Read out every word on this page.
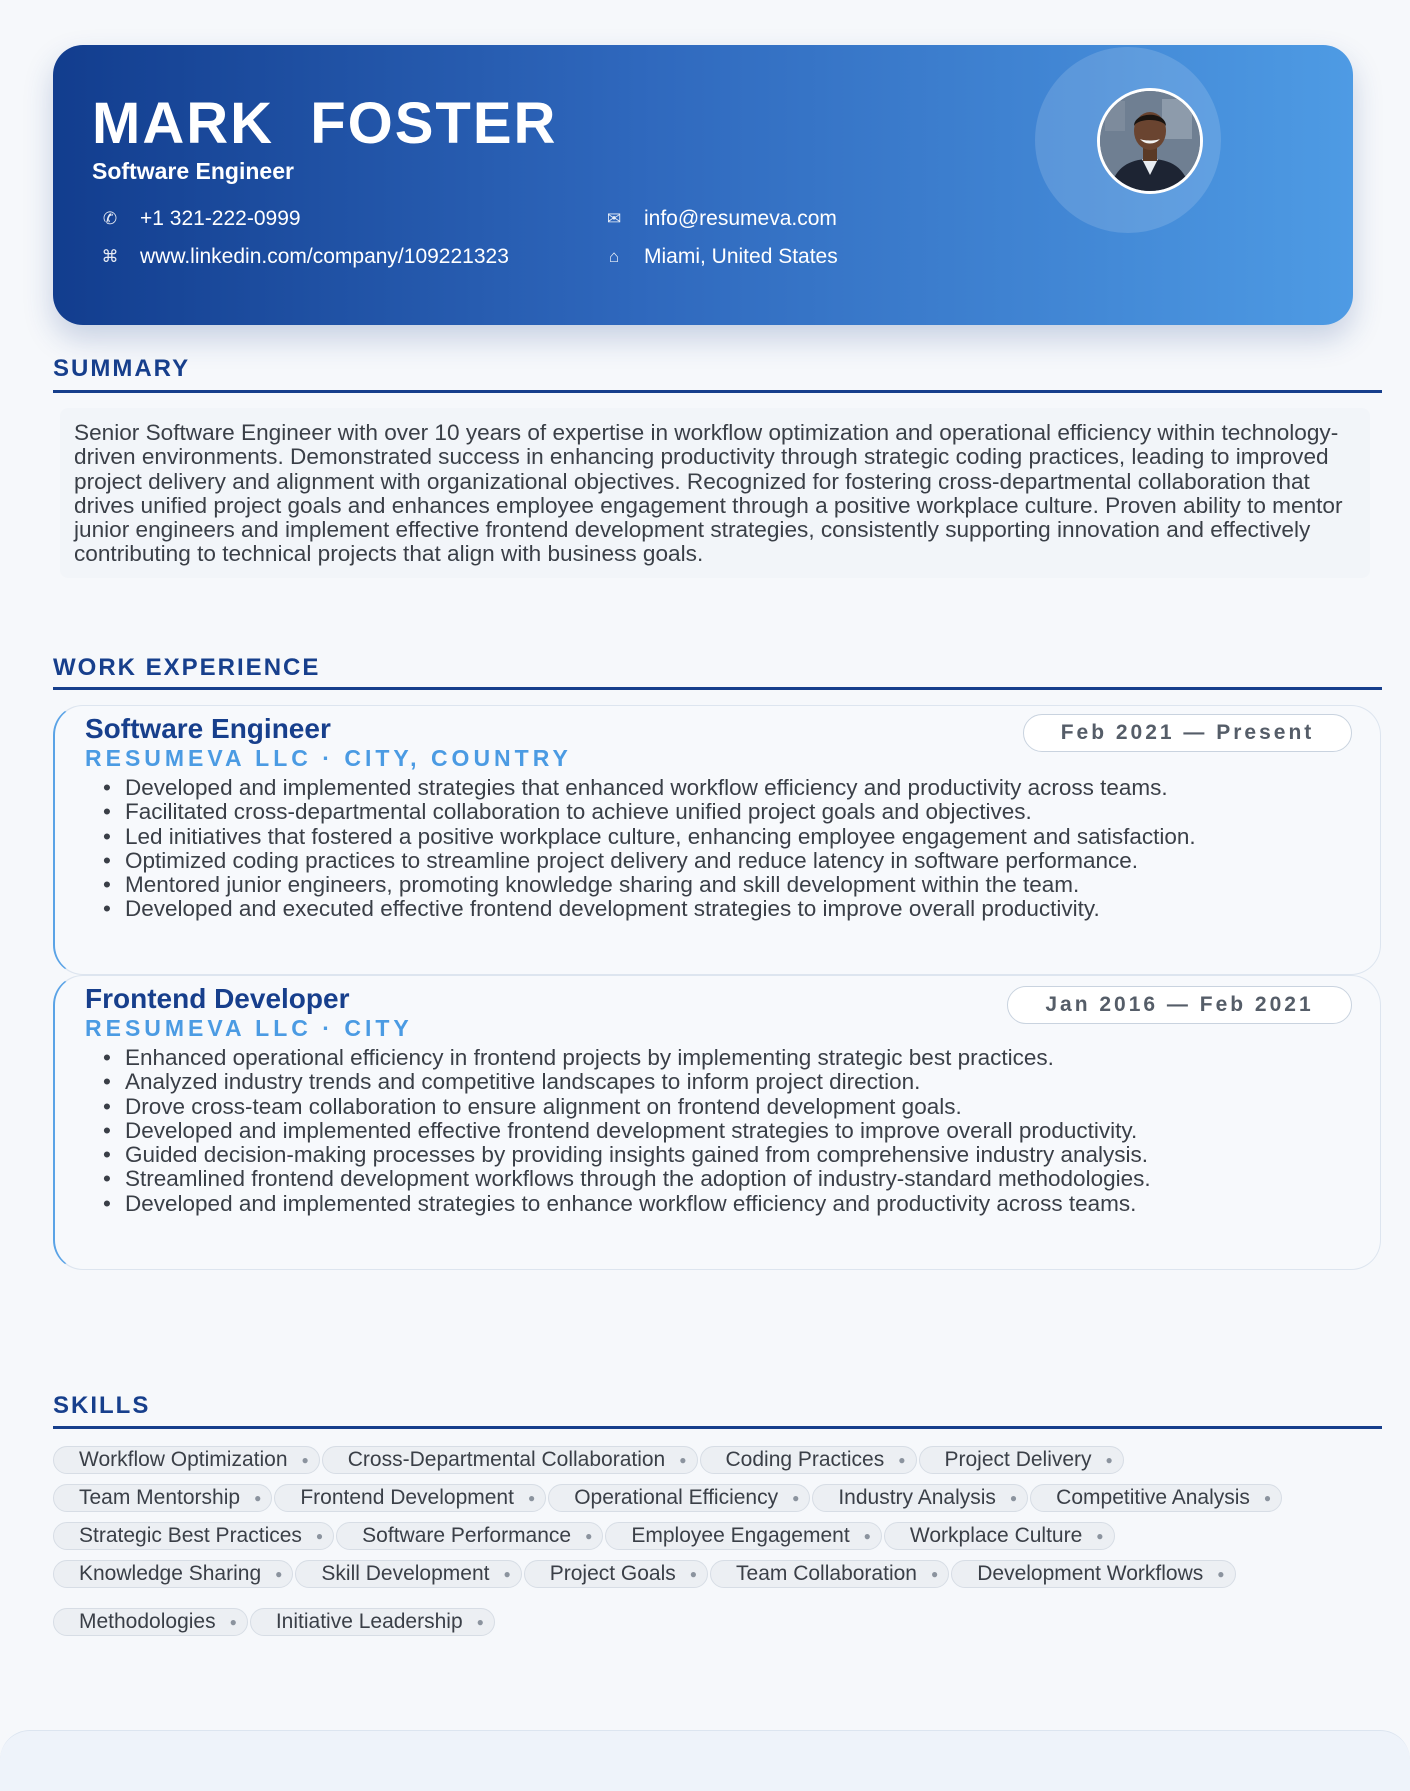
MARK  FOSTER
Software Engineer
✆ +1 321-222-0999
⌘ www.linkedin.com/company/109221323
✉ info@resumeva.com
⌂ Miami, United States
SUMMARY

Senior Software Engineer with over 10 years of expertise in workflow optimization and operational efficiency within technology-driven environments. Demonstrated success in enhancing productivity through strategic coding practices, leading to improved project delivery and alignment with organizational objectives. Recognized for fostering cross-departmental collaboration that drives unified project goals and enhances employee engagement through a positive workplace culture. Proven ability to mentor junior engineers and implement effective frontend development strategies, consistently supporting innovation and effectively contributing to technical projects that align with business goals.

WORK EXPERIENCE
Software Engineer
RESUMEVA LLC · CITY, COUNTRY
Feb 2021 — Present
• Developed and implemented strategies that enhanced workflow efficiency and productivity across teams.
• Facilitated cross-departmental collaboration to achieve unified project goals and objectives.
• Led initiatives that fostered a positive workplace culture, enhancing employee engagement and satisfaction.
• Optimized coding practices to streamline project delivery and reduce latency in software performance.
• Mentored junior engineers, promoting knowledge sharing and skill development within the team.
• Developed and executed effective frontend development strategies to improve overall productivity.
Frontend Developer
RESUMEVA LLC · CITY
Jan 2016 — Feb 2021
• Enhanced operational efficiency in frontend projects by implementing strategic best practices.
• Analyzed industry trends and competitive landscapes to inform project direction.
• Drove cross-team collaboration to ensure alignment on frontend development goals.
• Developed and implemented effective frontend development strategies to improve overall productivity.
• Guided decision-making processes by providing insights gained from comprehensive industry analysis.
• Streamlined frontend development workflows through the adoption of industry-standard methodologies.
• Developed and implemented strategies to enhance workflow efficiency and productivity across teams.
SKILLS
Workflow Optimization ● Cross-Departmental Collaboration ● Coding Practices ● Project Delivery ●
Team Mentorship ● Frontend Development ● Operational Efficiency ● Industry Analysis ● Competitive Analysis ●
Strategic Best Practices ● Software Performance ● Employee Engagement ● Workplace Culture ●
Knowledge Sharing ● Skill Development ● Project Goals ● Team Collaboration ● Development Workflows ●
Methodologies ● Initiative Leadership ●
